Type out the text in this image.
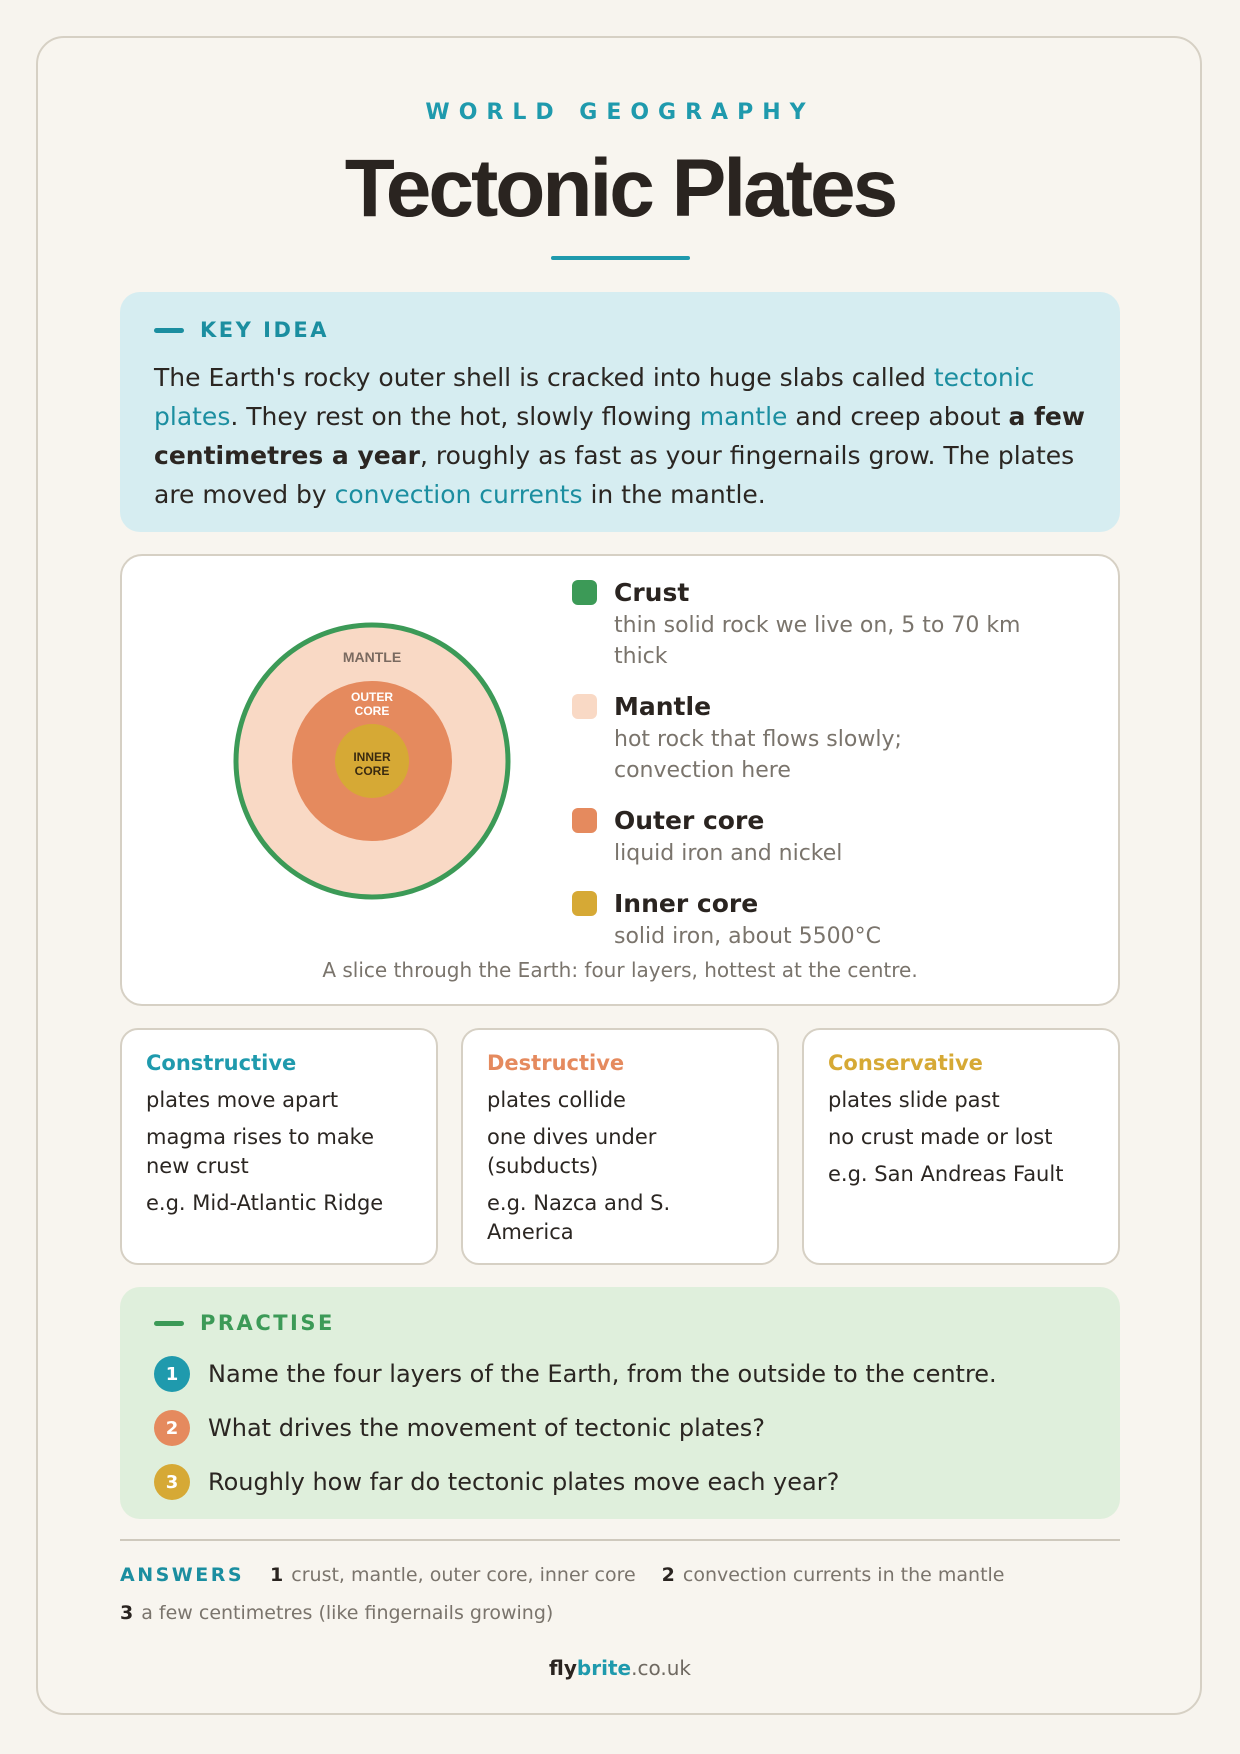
WORLD GEOGRAPHY
Tectonic Plates
KEY IDEA
The Earth's rocky outer shell is cracked into huge slabs called tectonic plates. They rest on the hot, slowly flowing mantle and creep about a few centimetres a year, roughly as fast as your fingernails grow. The plates are moved by convection currents in the mantle.
MANTLE
OUTER
CORE
INNER
CORE
Crust
thin solid rock we live on, 5 to 70 km thick
Mantle
hot rock that flows slowly; convection here
Outer core
liquid iron and nickel
Inner core
solid iron, about 5500°C
A slice through the Earth: four layers, hottest at the centre.
Constructive
plates move apart
magma rises to make new crust
e.g. Mid-Atlantic Ridge
Destructive
plates collide
one dives under (subducts)
e.g. Nazca and S. America
Conservative
plates slide past
no crust made or lost
e.g. San Andreas Fault
PRACTISE
1	Name the four layers of the Earth, from the outside to the centre.
2	What drives the movement of tectonic plates?
3	Roughly how far do tectonic plates move each year?
ANSWERS 1 crust, mantle, outer core, inner core 2 convection currents in the mantle
3 a few centimetres (like fingernails growing)
flybrite.co.uk
